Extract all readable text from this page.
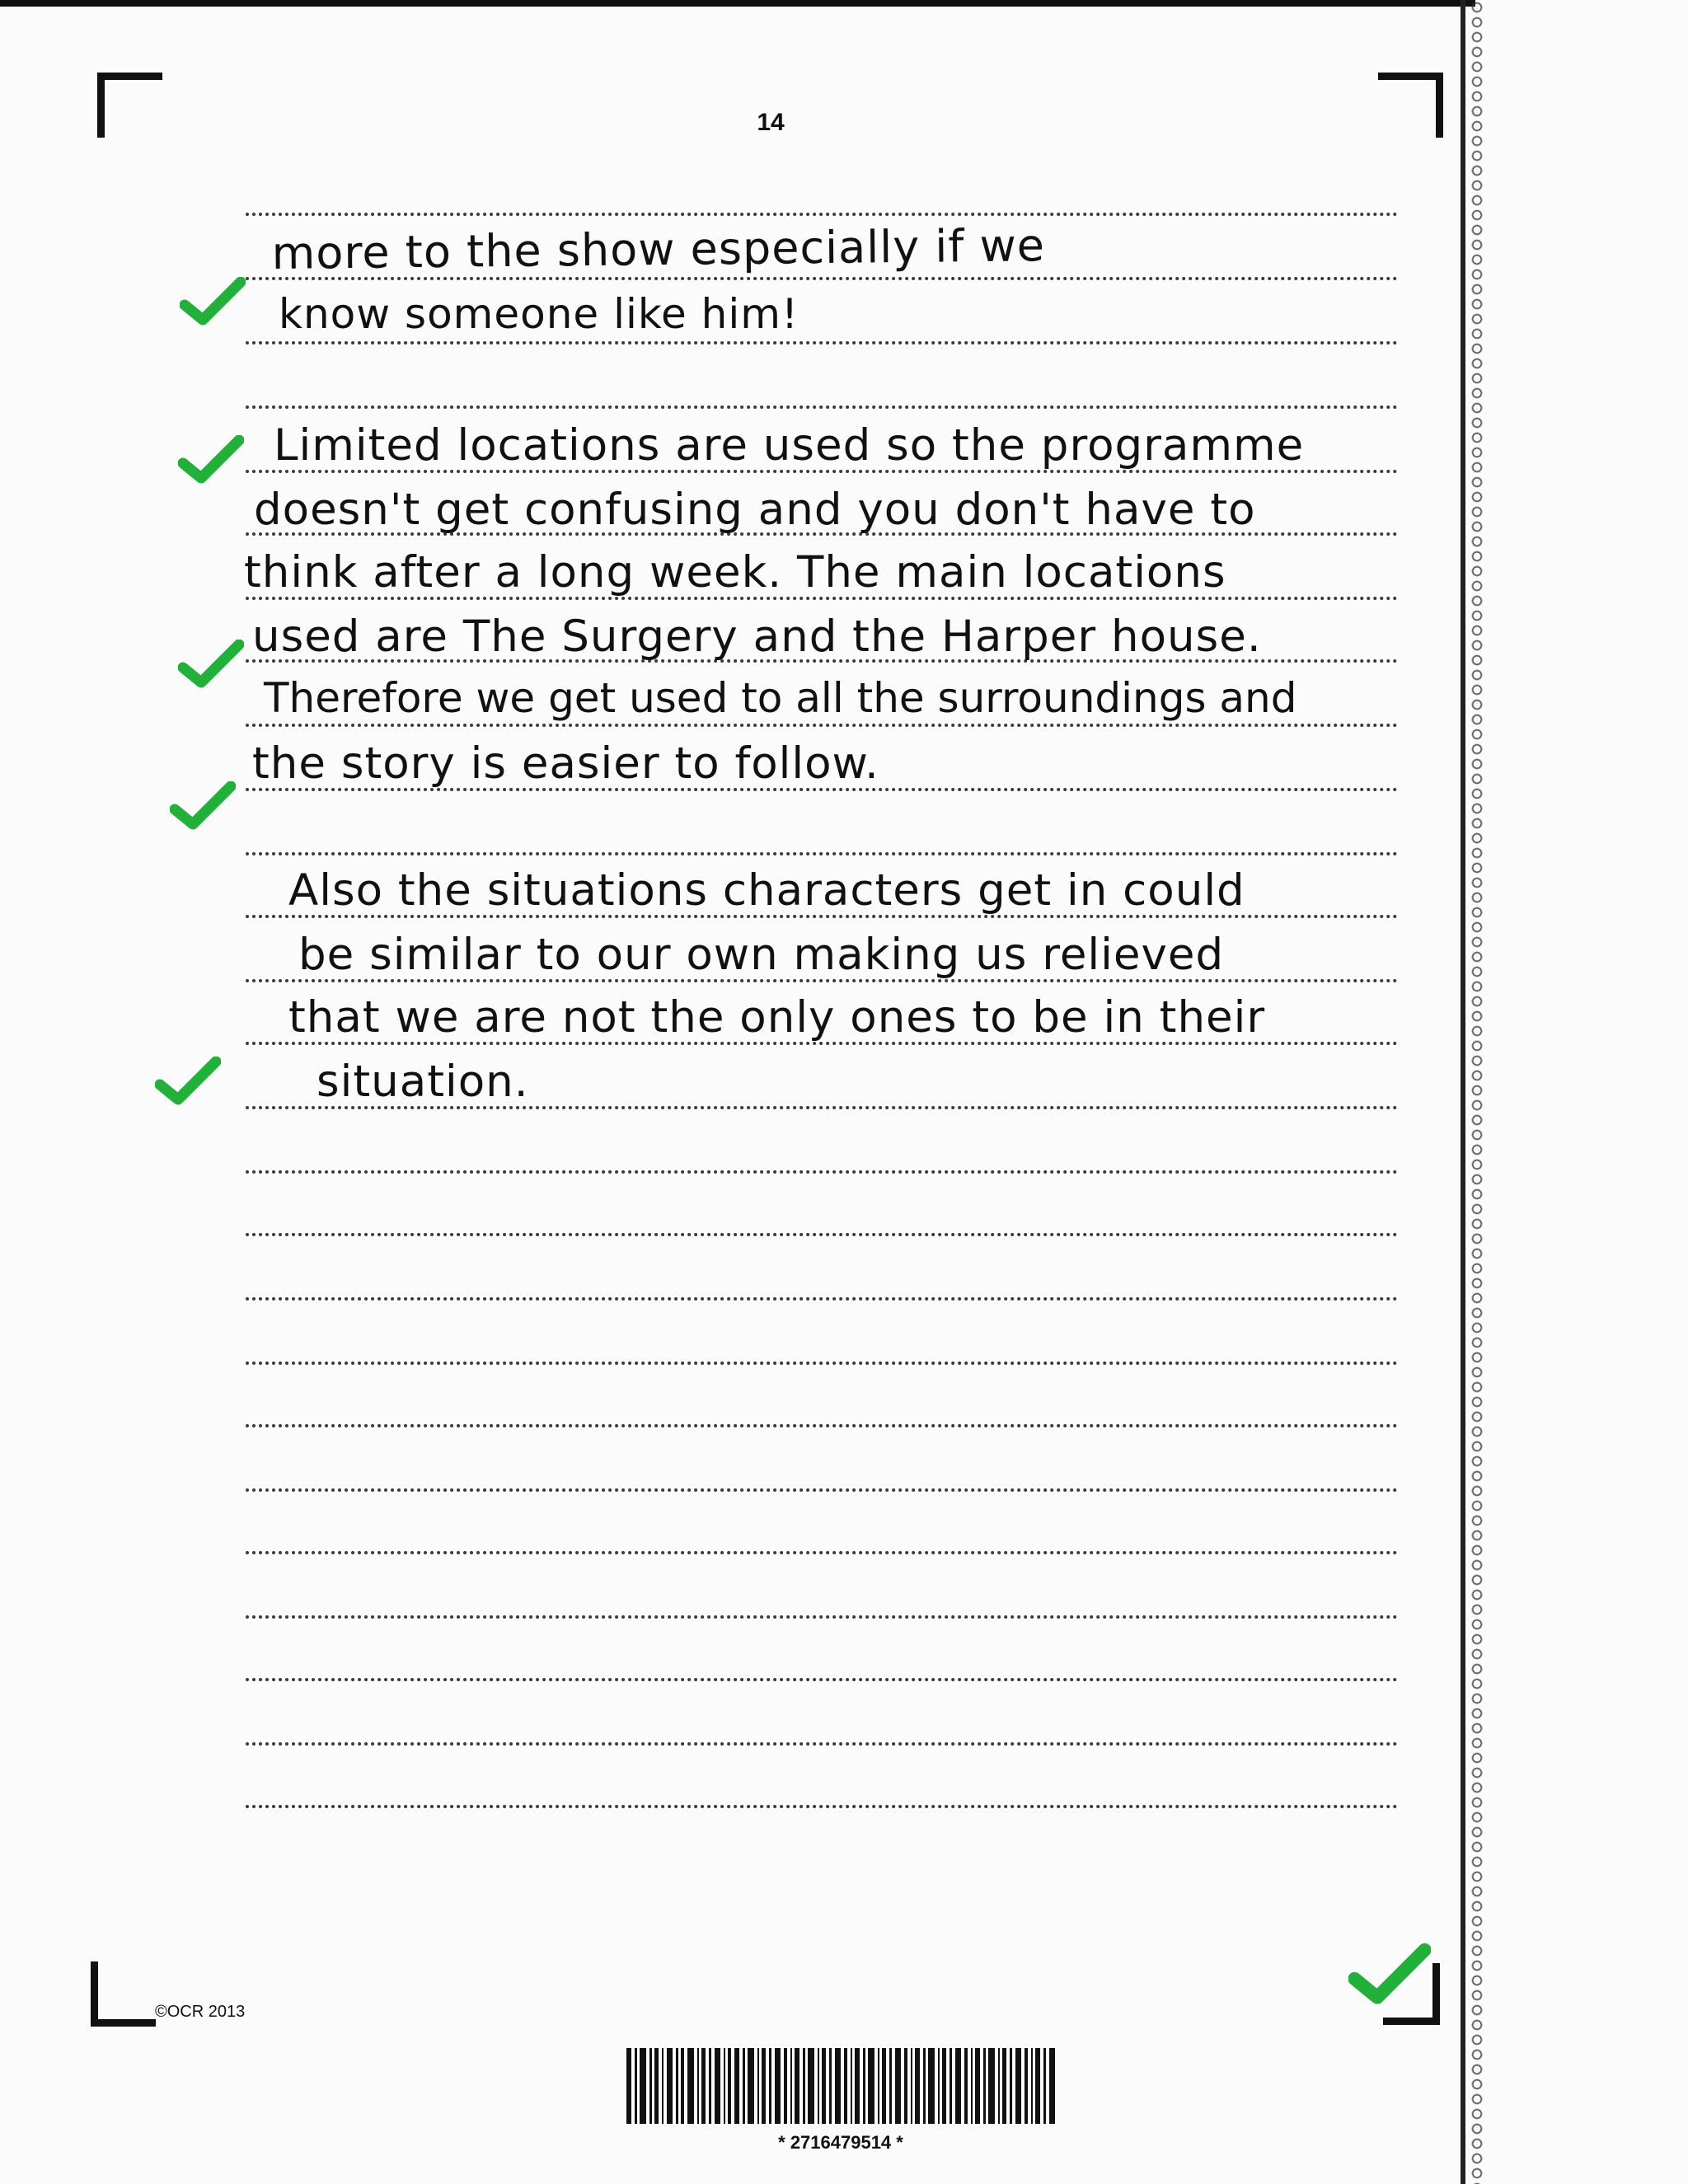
14

more to the show especially if we

know someone like him!

Limited locations are used so the programme

doesn't get confusing and you don't have to

think after a long week. The main locations

used are The Surgery and the Harper house.

Therefore we get used to all the surroundings and

the story is easier to follow.

Also the situations characters get in could

be similar to our own making us relieved

that we are not the only ones to be in their

situation.

©OCR 2013
* 2716479514 *
